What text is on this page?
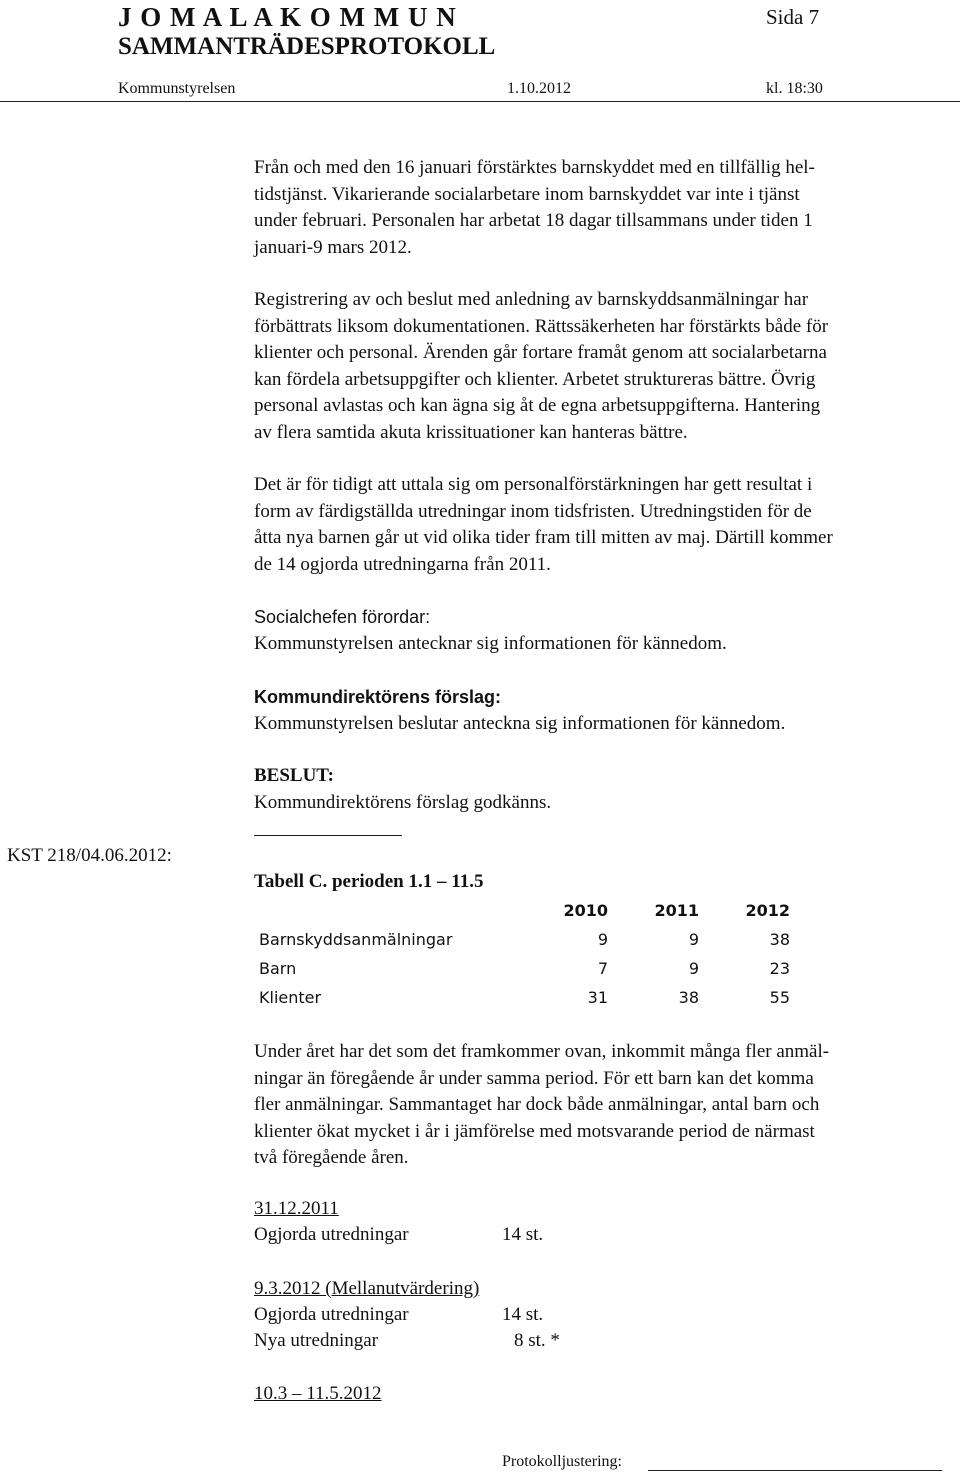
J O M A L A K O M M U N	Sida 7
SAMMANTRÄDESPROTOKOLL
Kommunstyrelsen	1.10.2012	kl. 18:30
Från och med den 16 januari förstärktes barnskyddet med en tillfällig hel-
tidstjänst. Vikarierande socialarbetare inom barnskyddet var inte i tjänst
under februari. Personalen har arbetat 18 dagar tillsammans under tiden 1
januari-9 mars 2012.
Registrering av och beslut med anledning av barnskyddsanmälningar har
förbättrats liksom dokumentationen. Rättssäkerheten har förstärkts både för
klienter och personal. Ärenden går fortare framåt genom att socialarbetarna
kan fördela arbetsuppgifter och klienter. Arbetet struktureras bättre. Övrig
personal avlastas och kan ägna sig åt de egna arbetsuppgifterna. Hantering
av flera samtida akuta krissituationer kan hanteras bättre.
Det är för tidigt att uttala sig om personalförstärkningen har gett resultat i
form av färdigställda utredningar inom tidsfristen. Utredningstiden för de
åtta nya barnen går ut vid olika tider fram till mitten av maj. Därtill kommer
de 14 ogjorda utredningarna från 2011.
Socialchefen förordar:
Kommunstyrelsen antecknar sig informationen för kännedom.
Kommundirektörens förslag:
Kommunstyrelsen beslutar anteckna sig informationen för kännedom.
BESLUT:
Kommundirektörens förslag godkänns.
KST 218/04.06.2012:
Tabell C. perioden 1.1 – 11.5
	2010	2011	2012
Barnskyddsanmälningar	9	9	38
Barn	7	9	23
Klienter	31	38	55
Under året har det som det framkommer ovan, inkommit många fler anmäl-
ningar än föregående år under samma period. För ett barn kan det komma
fler anmälningar. Sammantaget har dock både anmälningar, antal barn och
klienter ökat mycket i år i jämförelse med motsvarande period de närmast
två föregående åren.
31.12.2011
Ogjorda utredningar	14 st.
9.3.2012 (Mellanutvärdering)
Ogjorda utredningar	14 st.
Nya utredningar	8 st. *
10.3 – 11.5.2012
Protokolljustering:
